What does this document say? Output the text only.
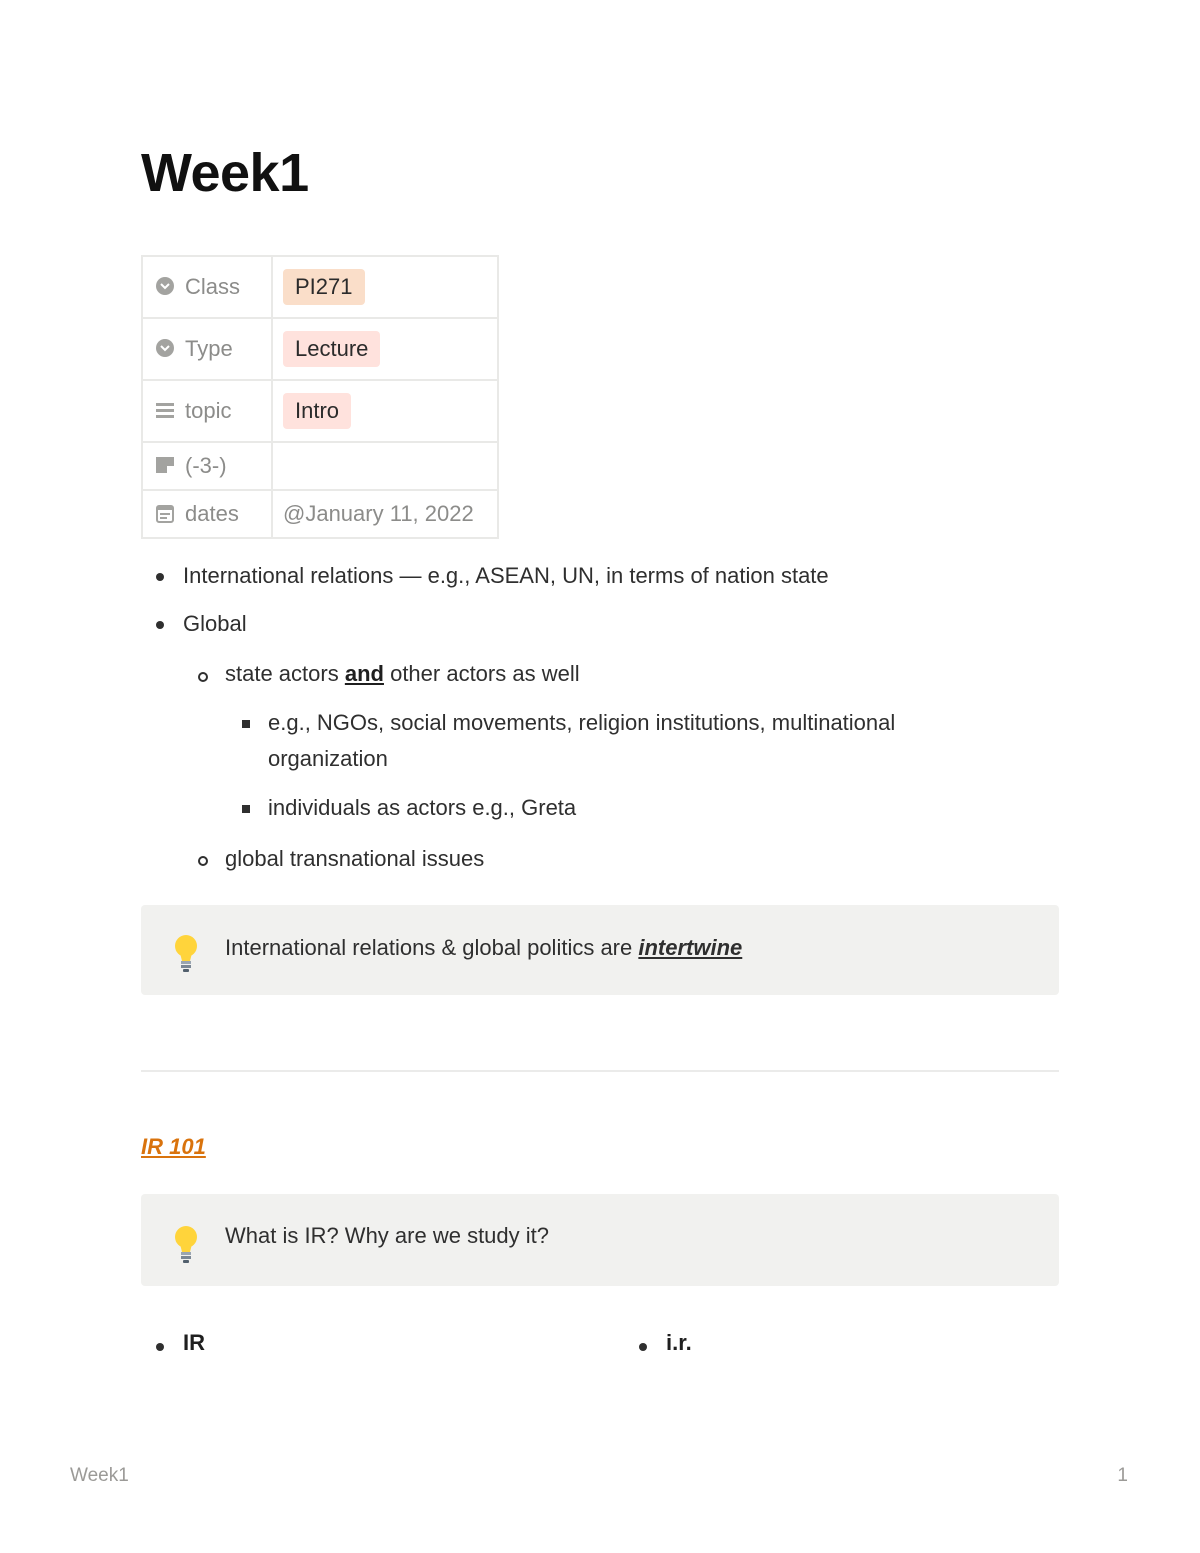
Week1
Class	PI271
Type	Lecture
topic	Intro
(-3-)	
dates	@January 11, 2022
International relations — e.g., ASEAN, UN, in terms of nation state
Global
state actors and other actors as well
e.g., NGOs, social movements, religion institutions, multinational
organization
individuals as actors e.g., Greta
global transnational issues
International relations & global politics are intertwine
IR 101
What is IR? Why are we study it?
IR	i.r.
Week1	1
